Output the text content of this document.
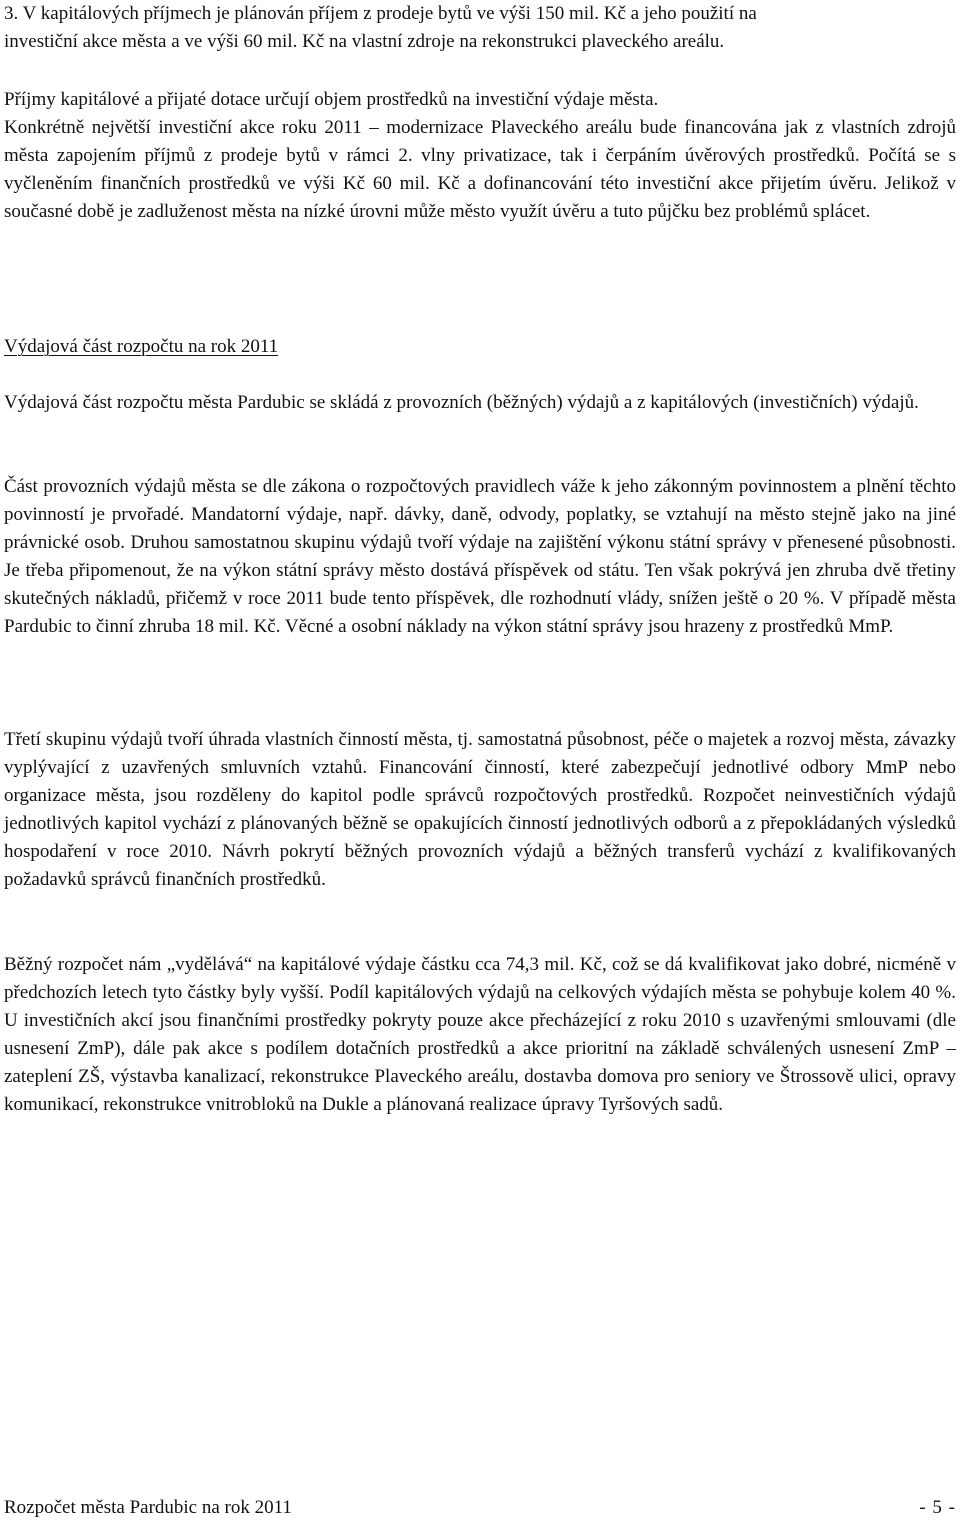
3. V kapitálových příjmech je plánován příjem z prodeje bytů ve výši 150 mil. Kč a jeho použití na
investiční akce města a ve výši 60 mil. Kč na vlastní zdroje na rekonstrukci plaveckého areálu.
Příjmy kapitálové a přijaté dotace určují objem prostředků na investiční výdaje města.

Konkrétně největší investiční akce roku 2011 – modernizace Plaveckého areálu bude financována jak z vlastních zdrojů města zapojením příjmů z prodeje bytů v rámci 2. vlny privatizace, tak i čerpáním úvěrových prostředků. Počítá se s vyčleněním finančních prostředků ve výši Kč 60 mil. Kč a dofinancování této investiční akce přijetím úvěru. Jelikož v současné době je zadluženost města na nízké úrovni může město využít úvěru a tuto půjčku bez problémů splácet.

Výdajová část rozpočtu na rok 2011

Výdajová část rozpočtu města Pardubic se skládá z provozních (běžných) výdajů a z kapitálových (investičních) výdajů.

Část provozních výdajů města se dle zákona o rozpočtových pravidlech váže k jeho zákonným povinnostem a plnění těchto povinností je prvořadé. Mandatorní výdaje, např. dávky, daně, odvody, poplatky, se vztahují na město stejně jako na jiné právnické osob. Druhou samostatnou skupinu výdajů tvoří výdaje na zajištění výkonu státní správy v přenesené působnosti. Je třeba připomenout, že na výkon státní správy město dostává příspěvek od státu. Ten však pokrývá jen zhruba dvě třetiny skutečných nákladů, přičemž v roce 2011 bude tento příspěvek, dle rozhodnutí vlády, snížen ještě o 20 %. V případě města Pardubic to činní zhruba 18 mil. Kč. Věcné a osobní náklady na výkon státní správy jsou hrazeny z prostředků MmP.

Třetí skupinu výdajů tvoří úhrada vlastních činností města, tj. samostatná působnost, péče o majetek a rozvoj města, závazky vyplývající z uzavřených smluvních vztahů. Financování činností, které zabezpečují jednotlivé odbory MmP nebo organizace města, jsou rozděleny do kapitol podle správců rozpočtových prostředků. Rozpočet neinvestičních výdajů jednotlivých kapitol vychází z plánovaných běžně se opakujících činností jednotlivých odborů a z přepokládaných výsledků hospodaření v roce 2010. Návrh pokrytí běžných provozních výdajů a běžných transferů vychází z kvalifikovaných požadavků správců finančních prostředků.

Běžný rozpočet nám „vydělává“ na kapitálové výdaje částku cca 74,3 mil. Kč, což se dá kvalifikovat jako dobré, nicméně v předchozích letech tyto částky byly vyšší. Podíl kapitálových výdajů na celkových výdajích města se pohybuje kolem 40 %. U investičních akcí jsou finančními prostředky pokryty pouze akce přecházející z roku 2010 s uzavřenými smlouvami (dle usnesení ZmP), dále pak akce s podílem dotačních prostředků a akce prioritní na základě schválených usnesení ZmP – zateplení ZŠ, výstavba kanalizací, rekonstrukce Plaveckého areálu, dostavba domova pro seniory ve Štrossově ulici, opravy komunikací, rekonstrukce vnitrobloků na Dukle a plánovaná realizace úpravy Tyršových sadů.

Rozpočet města Pardubic na rok 2011	- 5 -
